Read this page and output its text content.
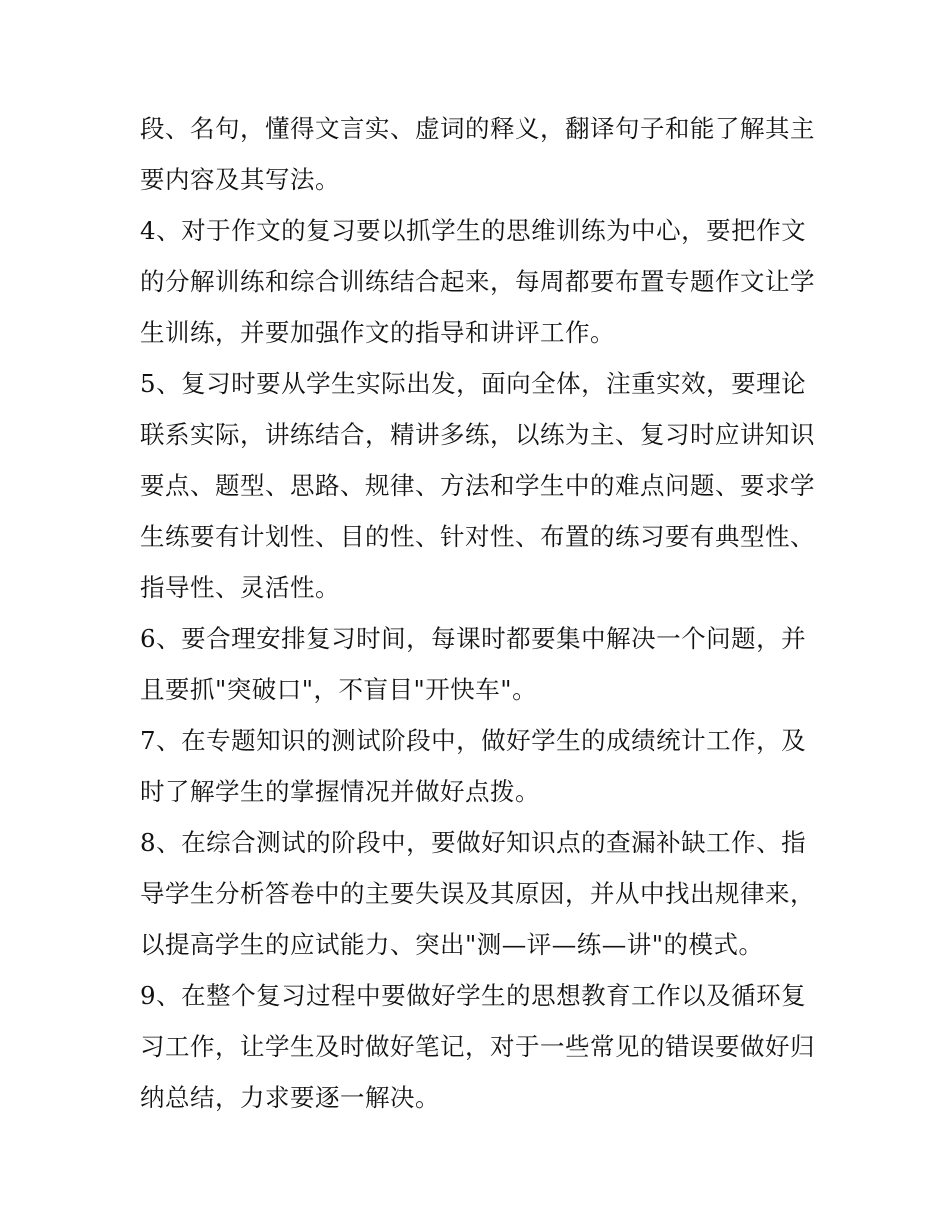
段、名句，懂得文言实、虚词的释义，翻译句子和能了解其主
要内容及其写法。
4、对于作文的复习要以抓学生的思维训练为中心，要把作文
的分解训练和综合训练结合起来，每周都要布置专题作文让学
生训练，并要加强作文的指导和讲评工作。
5、复习时要从学生实际出发，面向全体，注重实效，要理论
联系实际，讲练结合，精讲多练，以练为主、复习时应讲知识
要点、题型、思路、规律、方法和学生中的难点问题、要求学
生练要有计划性、目的性、针对性、布置的练习要有典型性、
指导性、灵活性。
6、要合理安排复习时间，每课时都要集中解决一个问题，并
且要抓"突破口"，不盲目"开快车"。
7、在专题知识的测试阶段中，做好学生的成绩统计工作，及
时了解学生的掌握情况并做好点拨。
8、在综合测试的阶段中，要做好知识点的查漏补缺工作、指
导学生分析答卷中的主要失误及其原因，并从中找出规律来，
以提高学生的应试能力、突出"测—评—练—讲"的模式。
9、在整个复习过程中要做好学生的思想教育工作以及循环复
习工作，让学生及时做好笔记，对于一些常见的错误要做好归
纳总结，力求要逐一解决。
